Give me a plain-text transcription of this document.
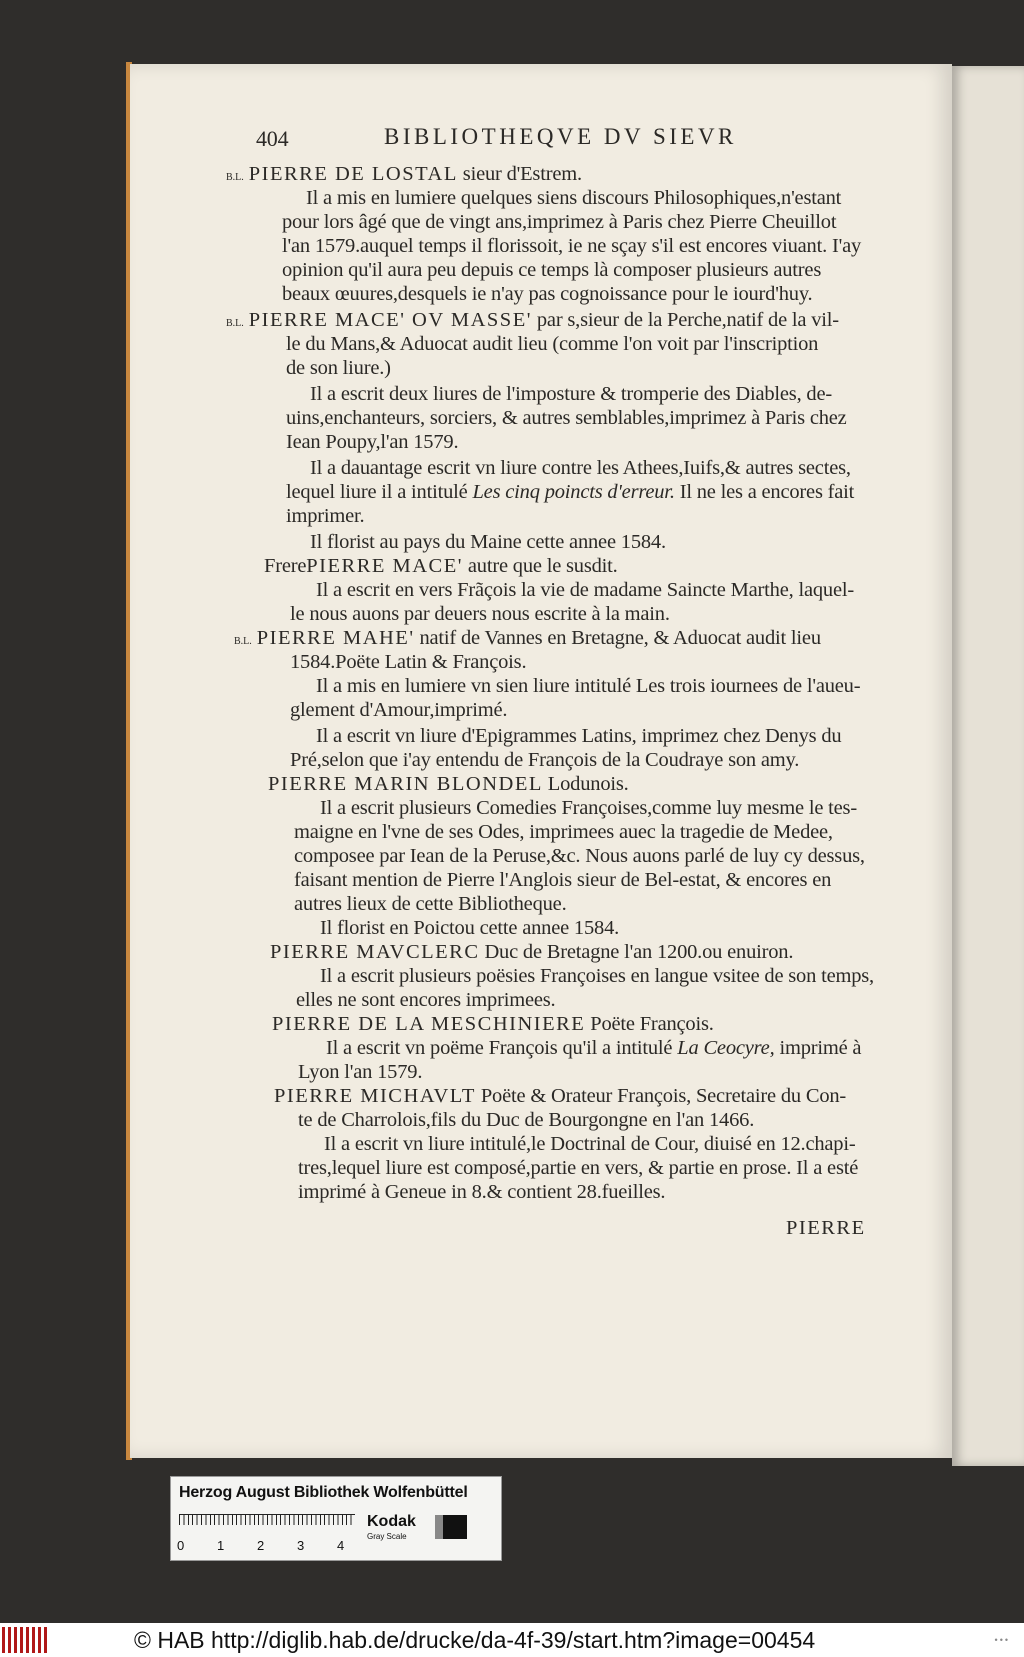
404	BIBLIOTHEQVE DV SIEVR
B.L. PIERRE DE LOSTAL sieur d'Estrem.
Il a mis en lumiere quelques siens discours Philosophiques,n'estant
pour lors âgé que de vingt ans,imprimez à Paris chez Pierre Cheuillot
l'an 1579.auquel temps il florissoit, ie ne sçay s'il est encores viuant. I'ay
opinion qu'il aura peu depuis ce temps là composer plusieurs autres
beaux œuures,desquels ie n'ay pas cognoissance pour le iourd'huy.
B.L. PIERRE MACE' OV MASSE' par s,sieur de la Perche,natif de la vil-
le du Mans,& Aduocat audit lieu (comme l'on voit par l'inscription
de son liure.)
Il a escrit deux liures de l'imposture & tromperie des Diables, de-
uins,enchanteurs, sorciers, & autres semblables,imprimez à Paris chez
Iean Poupy,l'an 1579.
Il a dauantage escrit vn liure contre les Athees,Iuifs,& autres sectes,
lequel liure il a intitulé Les cinq poincts d'erreur. Il ne les a encores fait
imprimer.
Il florist au pays du Maine cette annee 1584.
FrerePIERRE MACE' autre que le susdit.
Il a escrit en vers Frãçois la vie de madame Saincte Marthe, laquel-
le nous auons par deuers nous escrite à la main.
B.L. PIERRE MAHE' natif de Vannes en Bretagne, & Aduocat audit lieu
1584.Poëte Latin & François.
Il a mis en lumiere vn sien liure intitulé Les trois iournees de l'aueu-
glement d'Amour,imprimé.
Il a escrit vn liure d'Epigrammes Latins, imprimez chez Denys du
Pré,selon que i'ay entendu de François de la Coudraye son amy.
PIERRE MARIN BLONDEL Lodunois.
Il a escrit plusieurs Comedies Françoises,comme luy mesme le tes-
maigne en l'vne de ses Odes, imprimees auec la tragedie de Medee,
composee par Iean de la Peruse,&c. Nous auons parlé de luy cy dessus,
faisant mention de Pierre l'Anglois sieur de Bel-estat, & encores en
autres lieux de cette Bibliotheque.
Il florist en Poictou cette annee 1584.
PIERRE MAVCLERC Duc de Bretagne l'an 1200.ou enuiron.
Il a escrit plusieurs poësies Françoises en langue vsitee de son temps,
elles ne sont encores imprimees.
PIERRE DE LA MESCHINIERE Poëte François.
Il a escrit vn poëme François qu'il a intitulé La Ceocyre, imprimé à
Lyon l'an 1579.
PIERRE MICHAVLT Poëte & Orateur François, Secretaire du Con-
te de Charrolois,fils du Duc de Bourgongne en l'an 1466.
Il a escrit vn liure intitulé,le Doctrinal de Cour, diuisé en 12.chapi-
tres,lequel liure est composé,partie en vers, & partie en prose. Il a esté
imprimé à Geneue in 8.& contient 28.fueilles.
PIERRE
Herzog August Bibliothek Wolfenbüttel
0	1	2	3	4
Kodak
Gray Scale
© HAB http://diglib.hab.de/drucke/da-4f-39/start.htm?image=00454	•••
